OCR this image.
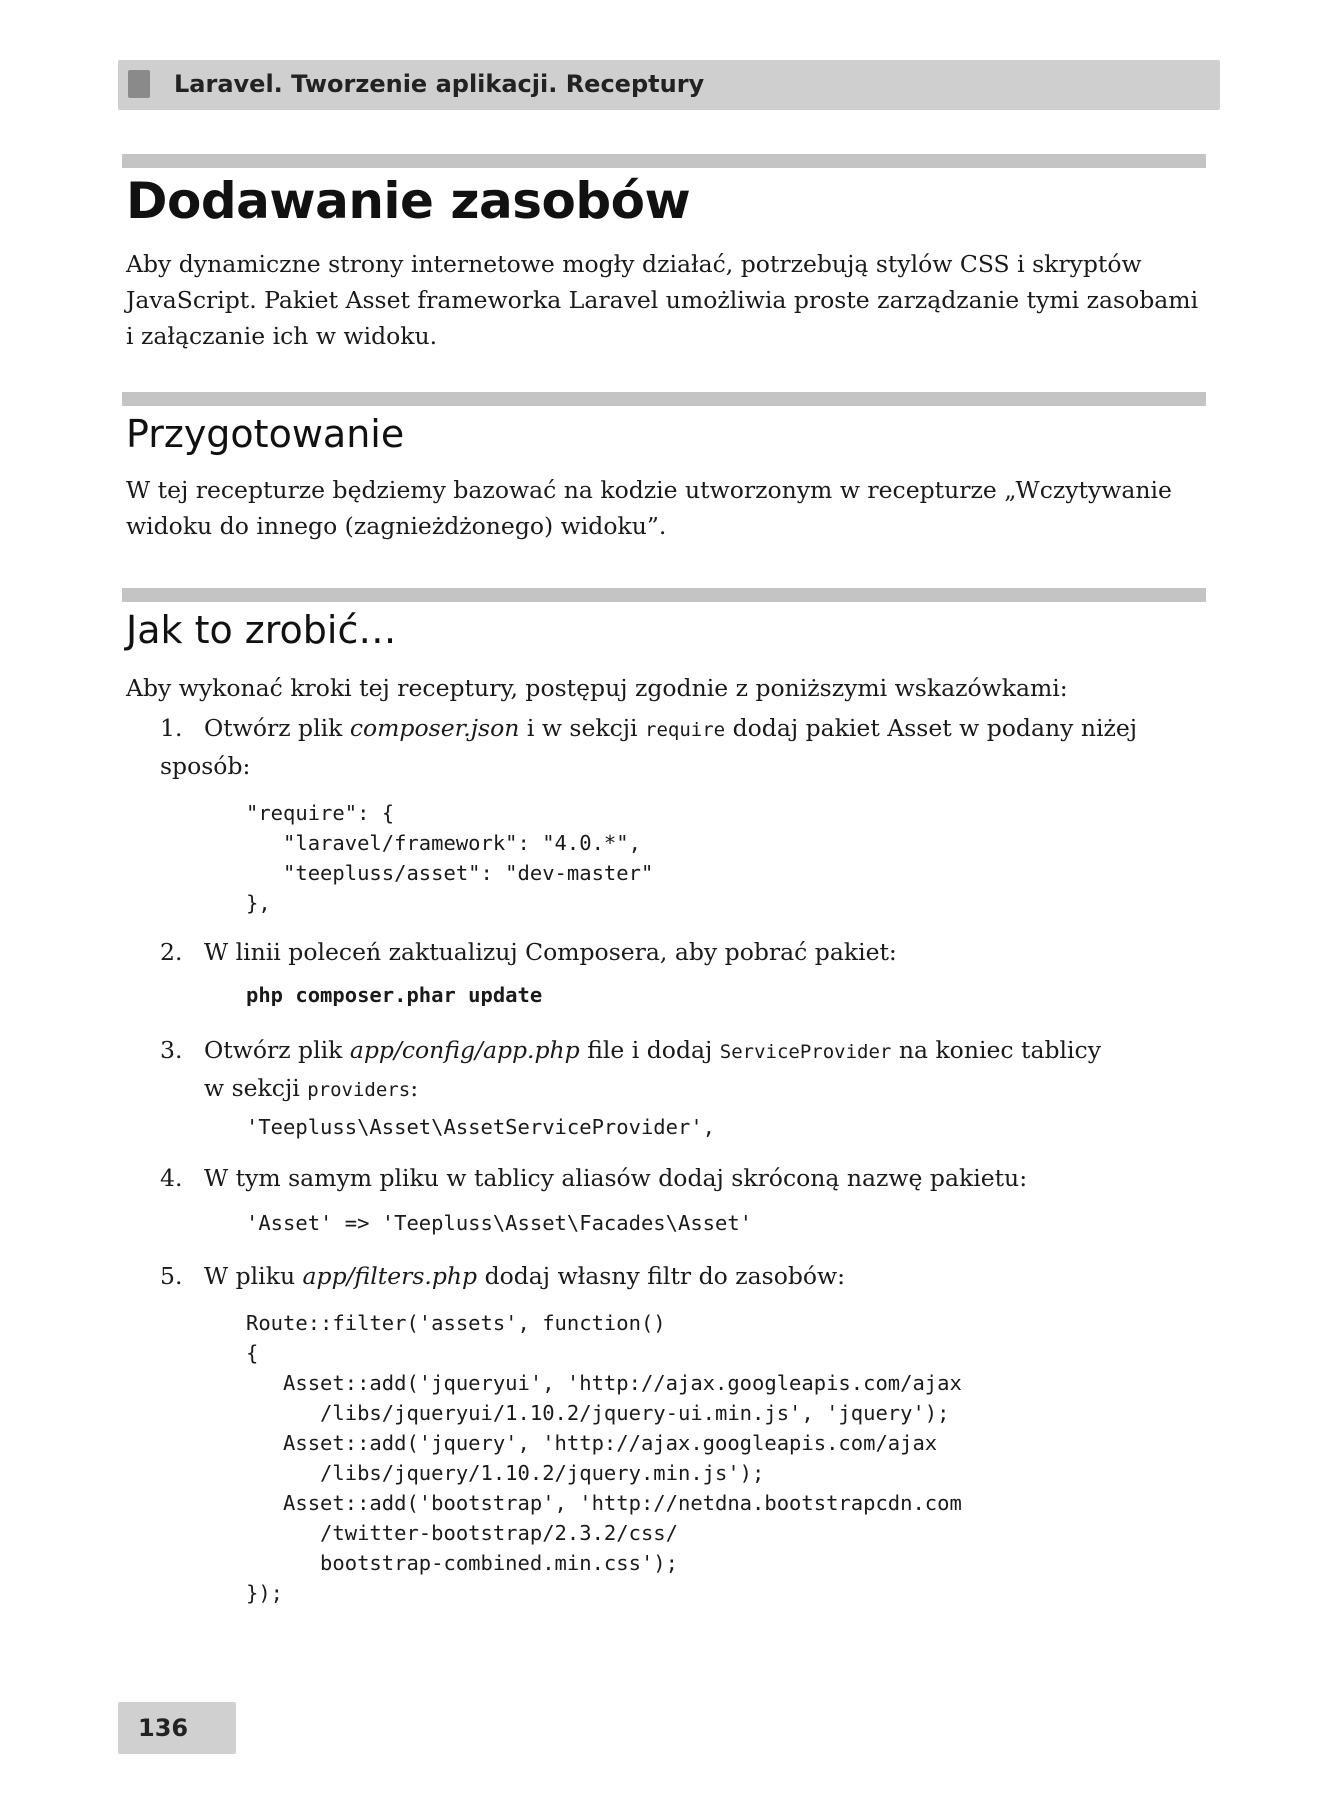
Laravel. Tworzenie aplikacji. Receptury
Dodawanie zasobów

Aby dynamiczne strony internetowe mogły działać, potrzebują stylów CSS i skryptów JavaScript. Pakiet Asset frameworka Laravel umożliwia proste zarządzanie tymi zasobami i załączanie ich w widoku.

Przygotowanie

W tej recepturze będziemy bazować na kodzie utworzonym w recepturze „Wczytywanie widoku do innego (zagnieżdżonego) widoku”.

Jak to zrobić…

Aby wykonać kroki tej receptury, postępuj zgodnie z poniższymi wskazówkami:

1. Otwórz plik composer.json i w sekcji require dodaj pakiet Asset w podany niżej sposób:
"require": {
"laravel/framework": "4.0.*",
"teepluss/asset": "dev-master"
},
2. W linii poleceń zaktualizuj Composera, aby pobrać pakiet:
php composer.phar update
3. Otwórz plik app/config/app.php file i dodaj ServiceProvider na koniec tablicy
w sekcji providers:
'Teepluss\Asset\AssetServiceProvider',
4. W tym samym pliku w tablicy aliasów dodaj skróconą nazwę pakietu:
'Asset' => 'Teepluss\Asset\Facades\Asset'
5. W pliku app/filters.php dodaj własny filtr do zasobów:
Route::filter('assets', function()
{
Asset::add('jqueryui', 'http://ajax.googleapis.com/ajax
/libs/jqueryui/1.10.2/jquery-ui.min.js', 'jquery');
Asset::add('jquery', 'http://ajax.googleapis.com/ajax
/libs/jquery/1.10.2/jquery.min.js');
Asset::add('bootstrap', 'http://netdna.bootstrapcdn.com
/twitter-bootstrap/2.3.2/css/
bootstrap-combined.min.css');
});
136
